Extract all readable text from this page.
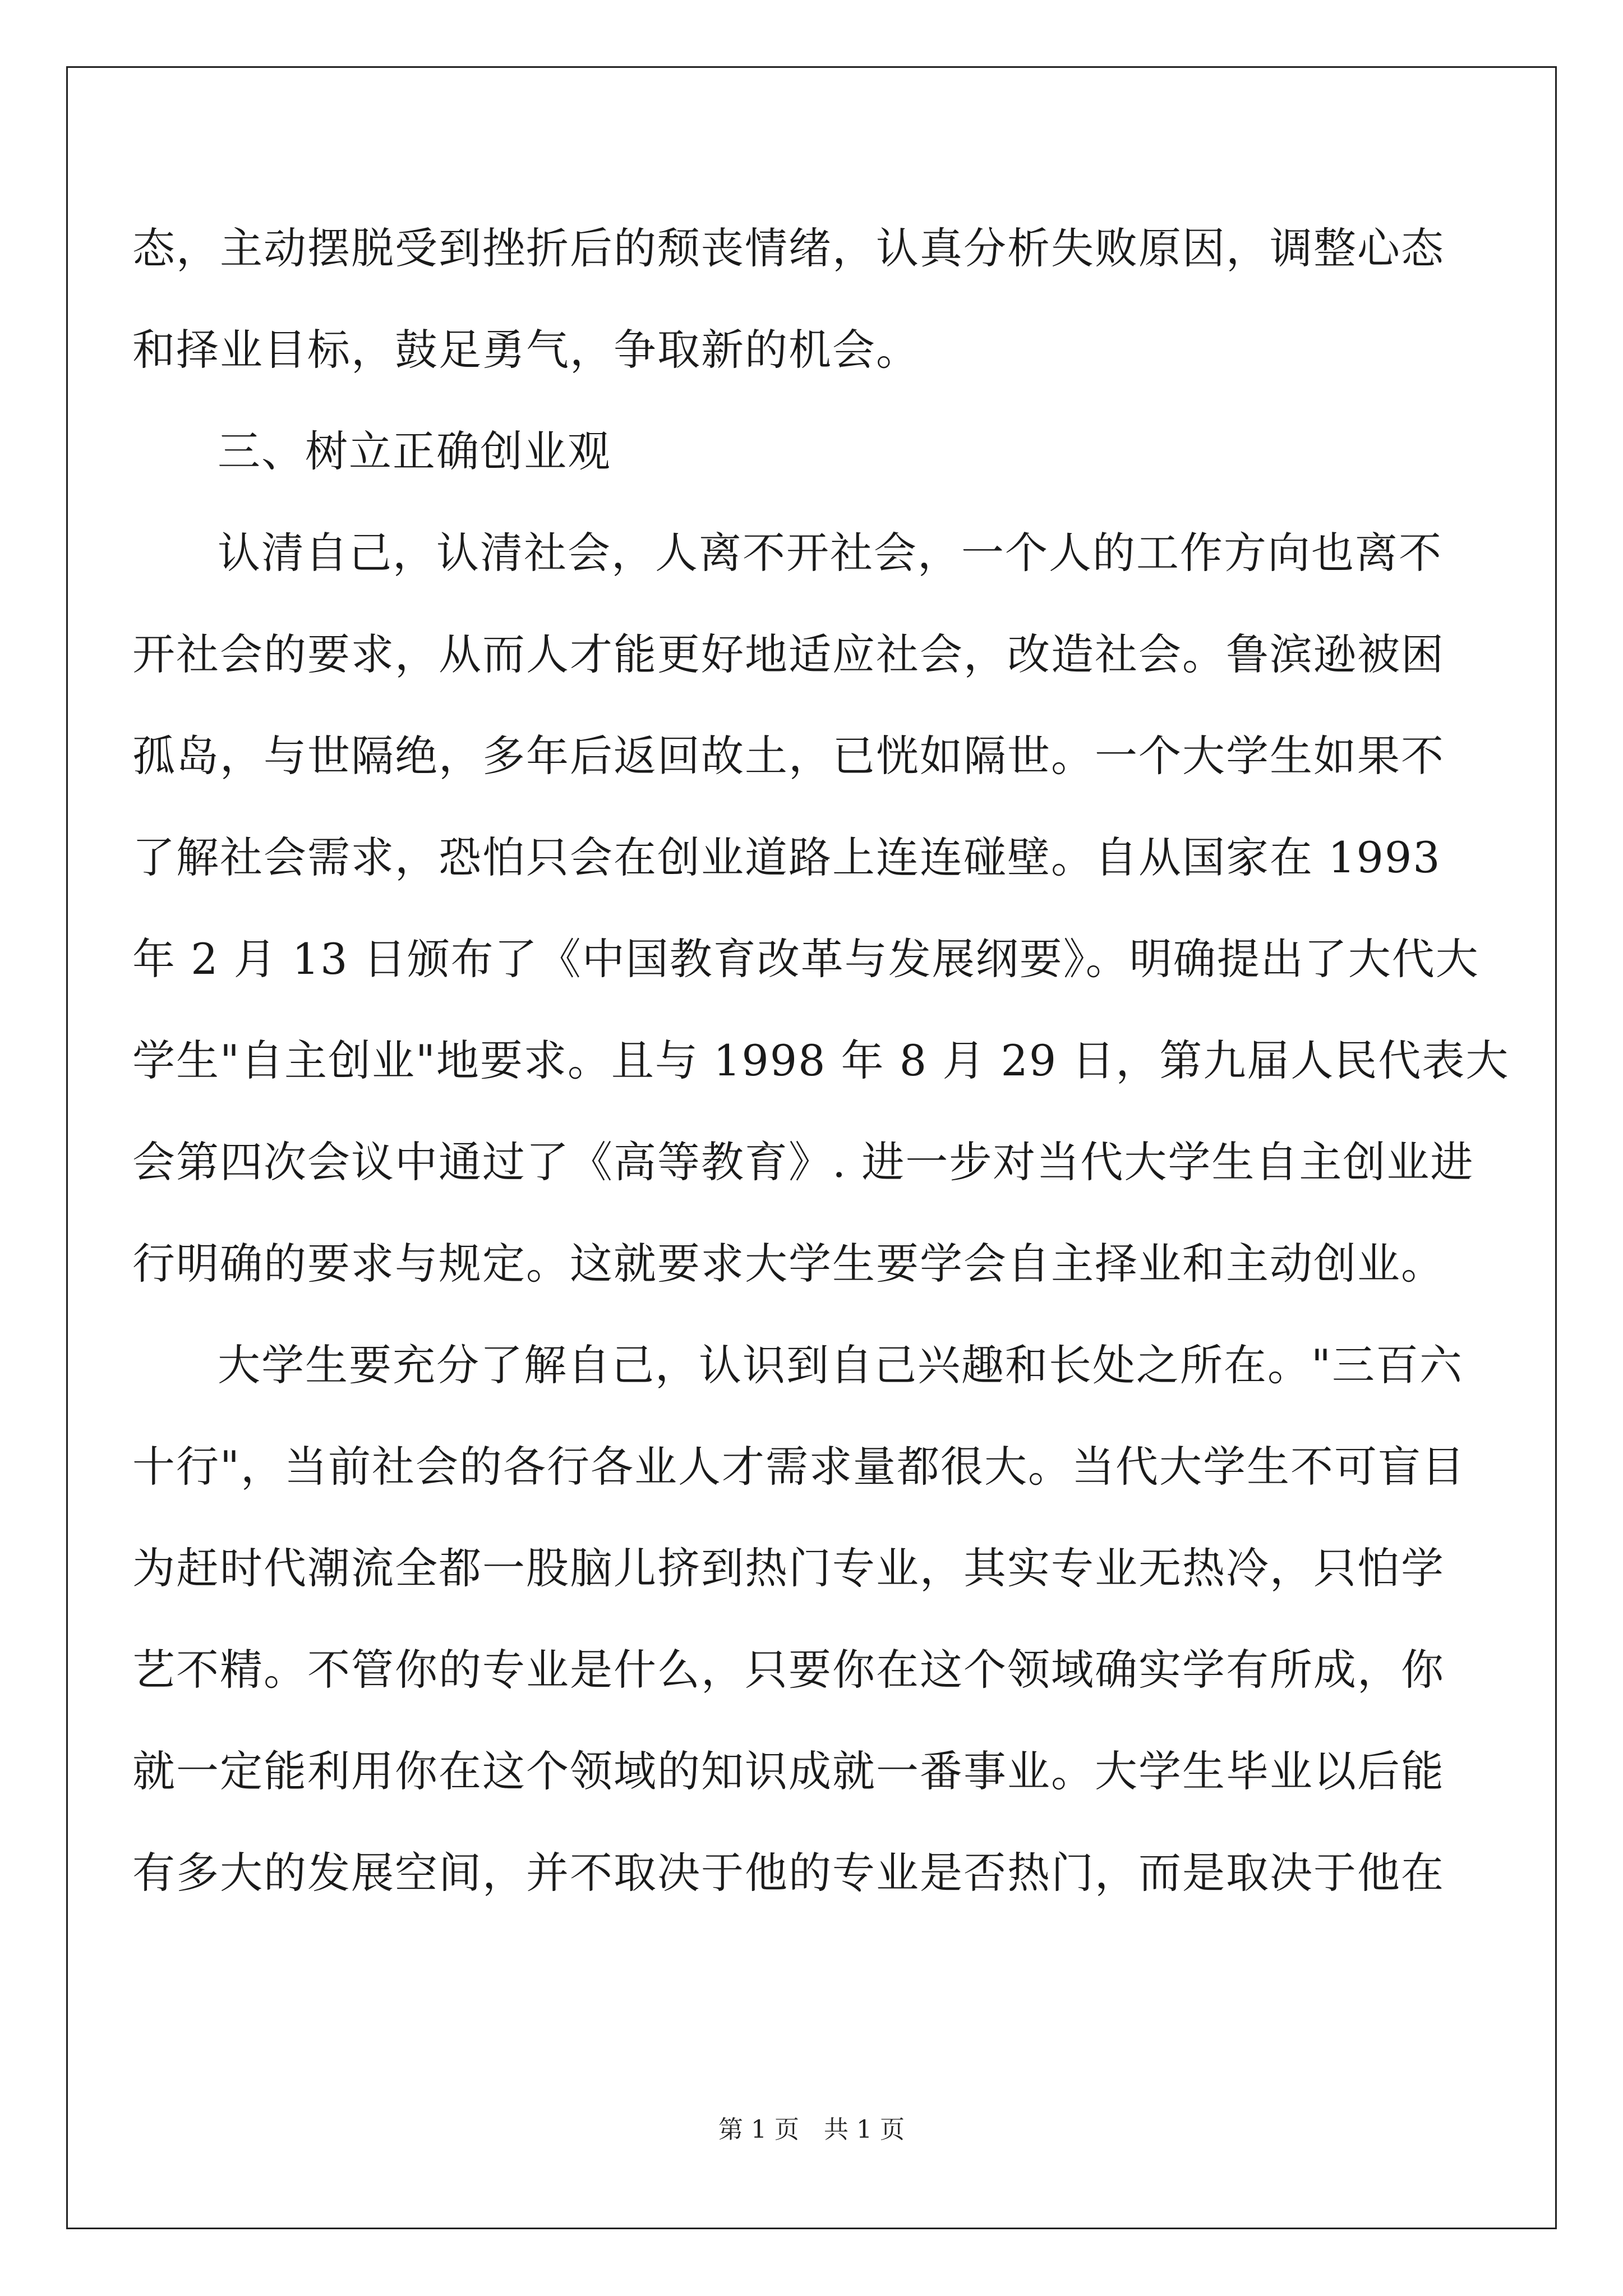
态，主动摆脱受到挫折后的颓丧情绪，认真分析失败原因，调整心态
和择业目标，鼓足勇气，争取新的机会。
三、树立正确创业观
认清自己，认清社会，人离不开社会，一个人的工作方向也离不
开社会的要求，从而人才能更好地适应社会，改造社会。鲁滨逊被困
孤岛，与世隔绝，多年后返回故土，已恍如隔世。一个大学生如果不
了解社会需求，恐怕只会在创业道路上连连碰壁。自从国家在 1993
年 2 月 13 日颁布了《中国教育改革与发展纲要》。明确提出了大代大
学生"自主创业"地要求。且与 1998 年 8 月 29 日，第九届人民代表大
会第四次会议中通过了《高等教育》. 进一步对当代大学生自主创业进
行明确的要求与规定。这就要求大学生要学会自主择业和主动创业。
大学生要充分了解自己，认识到自己兴趣和长处之所在。"三百六
十行"，当前社会的各行各业人才需求量都很大。当代大学生不可盲目
为赶时代潮流全都一股脑儿挤到热门专业，其实专业无热冷，只怕学
艺不精。不管你的专业是什么，只要你在这个领域确实学有所成，你
就一定能利用你在这个领域的知识成就一番事业。大学生毕业以后能
有多大的发展空间，并不取决于他的专业是否热门，而是取决于他在
第 1 页　共 1 页
